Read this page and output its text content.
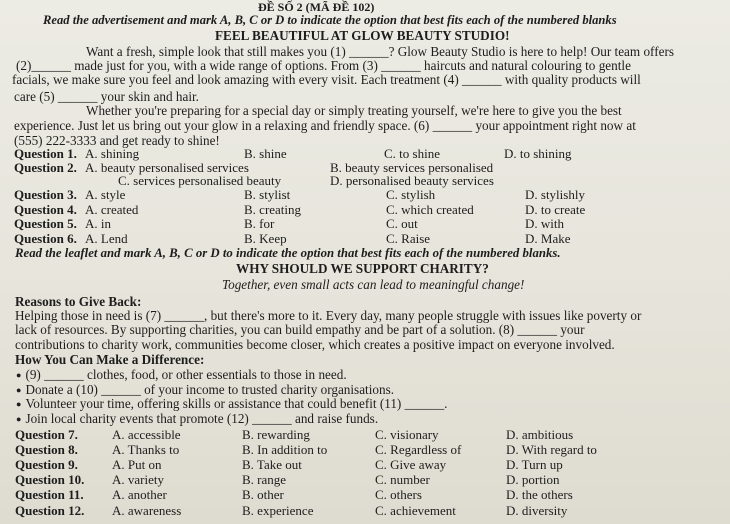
ĐỀ SỐ 2 (MÃ ĐỀ 102)
Read the advertisement and mark A, B, C or D to indicate the option that best fits each of the numbered blanks
FEEL BEAUTIFUL AT GLOW BEAUTY STUDIO!
Want a fresh, simple look that still makes you (1) ______? Glow Beauty Studio is here to help! Our team offers
(2)______ made just for you, with a wide range of options. From (3) ______ haircuts and natural colouring to gentle
facials, we make sure you feel and look amazing with every visit. Each treatment (4) ______ with quality products will
care (5) ______ your skin and hair.
Whether you're preparing for a special day or simply treating yourself, we're here to give you the best
experience. Just let us bring out your glow in a relaxing and friendly space. (6) ______ your appointment right now at
(555) 222-3333 and get ready to shine!
Question 1. A. shining	B. shine	C. to shine	D. to shining
Question 2. A. beauty personalised services	B. beauty services personalised
C. services personalised beauty	D. personalised beauty services
Question 3. A. style	B. stylist	C. stylish	D. stylishly
Question 4. A. created	B. creating	C. which created	D. to create
Question 5. A. in	B. for	C. out	D. with
Question 6. A. Lend	B. Keep	C. Raise	D. Make
Read the leaflet and mark A, B, C or D to indicate the option that best fits each of the numbered blanks.
WHY SHOULD WE SUPPORT CHARITY?
Together, even small acts can lead to meaningful change!
Reasons to Give Back:
Helping those in need is (7) ______, but there's more to it. Every day, many people struggle with issues like poverty or
lack of resources. By supporting charities, you can build empathy and be part of a solution. (8) ______ your
contributions to charity work, communities become closer, which creates a positive impact on everyone involved.
How You Can Make a Difference:
● (9) ______ clothes, food, or other essentials to those in need.
● Donate a (10) ______ of your income to trusted charity organisations.
● Volunteer your time, offering skills or assistance that could benefit (11) ______.
● Join local charity events that promote (12) ______ and raise funds.
Question 7.	A. accessible	B. rewarding	C. visionary	D. ambitious
Question 8.	A. Thanks to	B. In addition to	C. Regardless of	D. With regard to
Question 9.	A. Put on	B. Take out	C. Give away	D. Turn up
Question 10. A. variety	B. range	C. number	D. portion
Question 11. A. another	B. other	C. others	D. the others
Question 12. A. awareness	B. experience	C. achievement	D. diversity
